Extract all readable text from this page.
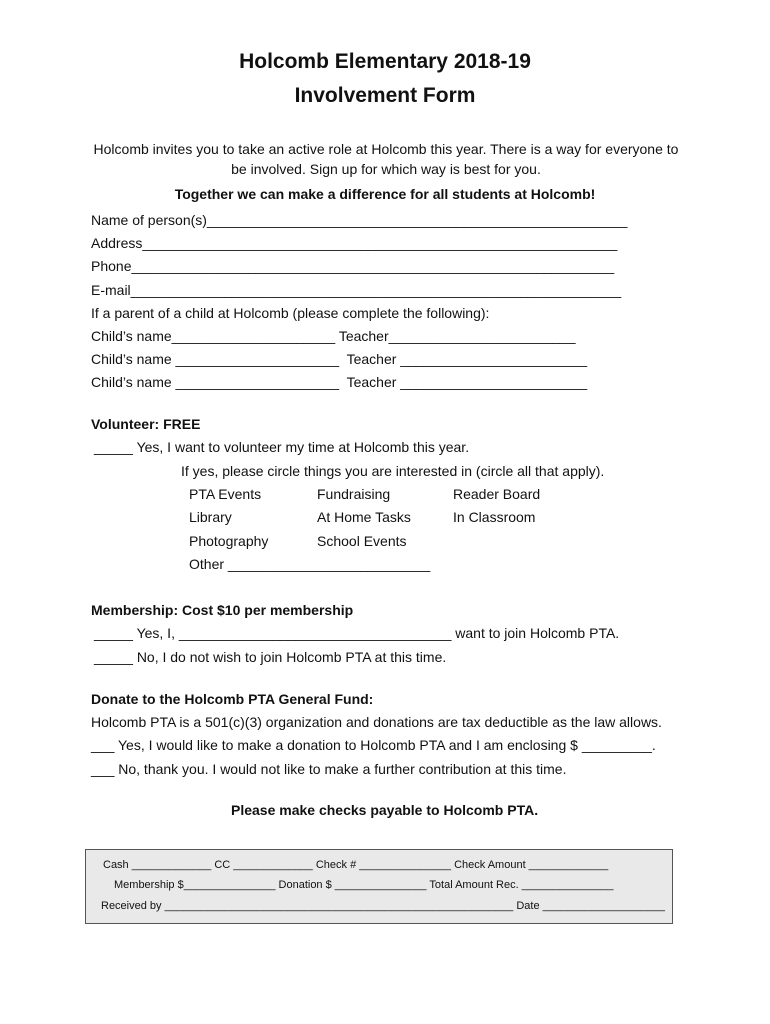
Holcomb Elementary 2018-19
Involvement Form
Holcomb invites you to take an active role at Holcomb this year. There is a way for everyone to be involved. Sign up for which way is best for you.
Together we can make a difference for all students at Holcomb!
Name of person(s)______________________________________________________
Address_____________________________________________________________
Phone______________________________________________________________
E-mail_______________________________________________________________
If a parent of a child at Holcomb (please complete the following):
Child’s name_____________________ Teacher________________________
Child’s name _____________________  Teacher ________________________
Child’s name _____________________  Teacher ________________________
Volunteer: FREE
_____ Yes, I want to volunteer my time at Holcomb this year.
If yes, please circle things you are interested in (circle all that apply).
PTA Events	Fundraising	Reader Board
Library	At Home Tasks	In Classroom
Photography	School Events
Other __________________________
Membership: Cost $10 per membership
_____ Yes, I, ___________________________________ want to join Holcomb PTA.
_____ No, I do not wish to join Holcomb PTA at this time.
Donate to the Holcomb PTA General Fund:
Holcomb PTA is a 501(c)(3) organization and donations are tax deductible as the law allows.
___ Yes, I would like to make a donation to Holcomb PTA and I am enclosing $ _________.
___ No, thank you. I would not like to make a further contribution at this time.
Please make checks payable to Holcomb PTA.
Cash _____________ CC _____________ Check # _______________ Check Amount _____________
Membership $_______________ Donation $ _______________ Total Amount Rec. _______________
Received by _________________________________________________________ Date ____________________
